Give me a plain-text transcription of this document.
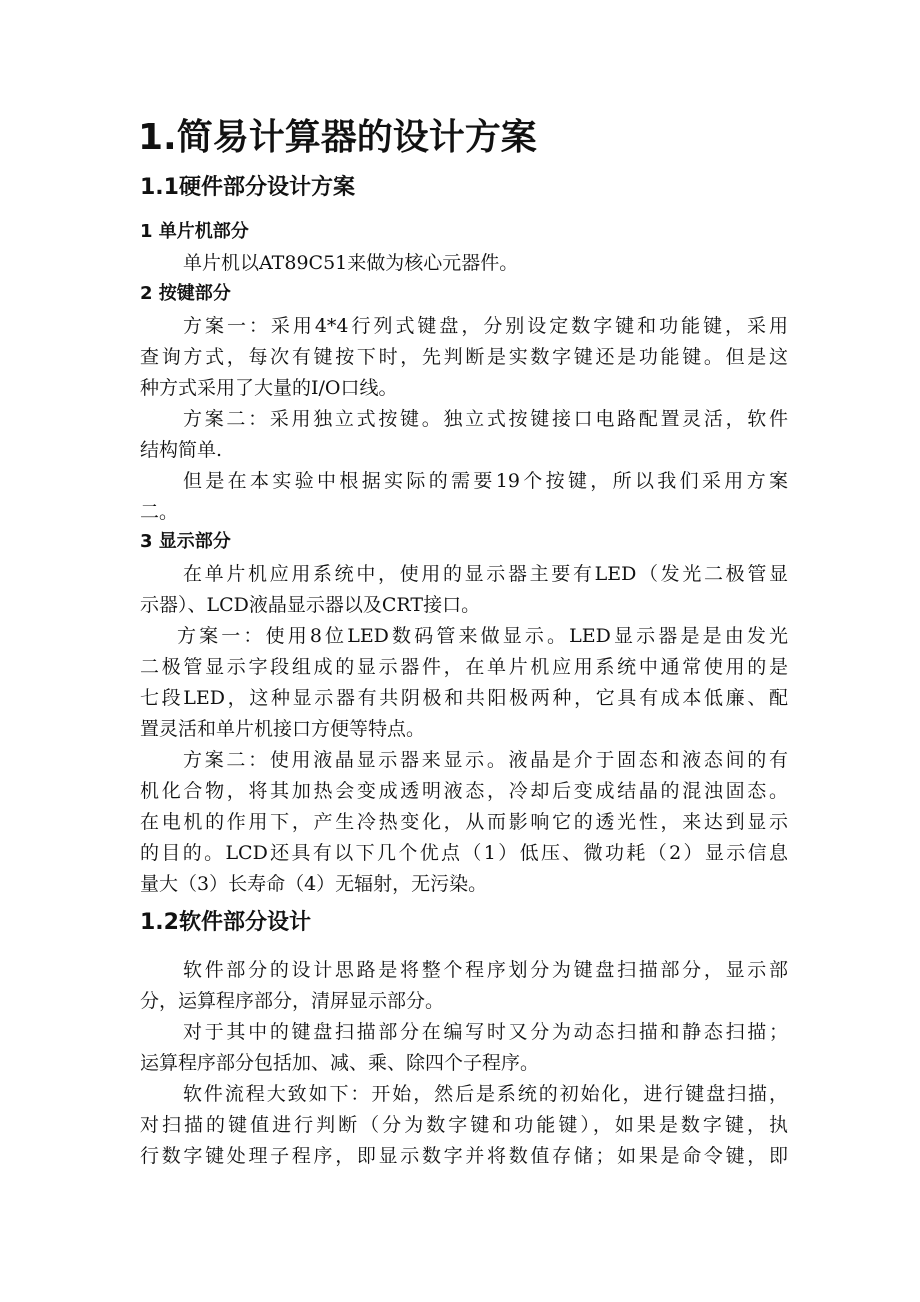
1.简易计算器的设计方案
1.1硬件部分设计方案
1 单片机部分

单片机以AT89C51来做为核心元器件。

2 按键部分

方案一：采用4*4行列式键盘，分别设定数字键和功能键，采用

查询方式，每次有键按下时，先判断是实数字键还是功能键。但是这

种方式采用了大量的I/O口线。

方案二：采用独立式按键。独立式按键接口电路配置灵活，软件

结构简单.

但是在本实验中根据实际的需要19个按键，所以我们采用方案

二。

3 显示部分

在单片机应用系统中，使用的显示器主要有LED（发光二极管显

示器）、LCD液晶显示器以及CRT接口。

方案一：使用8位LED数码管来做显示。LED显示器是是由发光

二极管显示字段组成的显示器件，在单片机应用系统中通常使用的是

七段LED，这种显示器有共阴极和共阳极两种，它具有成本低廉、配

置灵活和单片机接口方便等特点。

方案二：使用液晶显示器来显示。液晶是介于固态和液态间的有

机化合物，将其加热会变成透明液态，冷却后变成结晶的混浊固态。

在电机的作用下，产生冷热变化，从而影响它的透光性，来达到显示

的目的。LCD还具有以下几个优点（1）低压、微功耗（2）显示信息

量大（3）长寿命（4）无辐射，无污染。

1.2软件部分设计

软件部分的设计思路是将整个程序划分为键盘扫描部分，显示部

分，运算程序部分，清屏显示部分。

对于其中的键盘扫描部分在编写时又分为动态扫描和静态扫描；

运算程序部分包括加、减、乘、除四个子程序。

软件流程大致如下：开始，然后是系统的初始化，进行键盘扫描，

对扫描的键值进行判断（分为数字键和功能键），如果是数字键，执

行数字键处理子程序，即显示数字并将数值存储；如果是命令键，即
